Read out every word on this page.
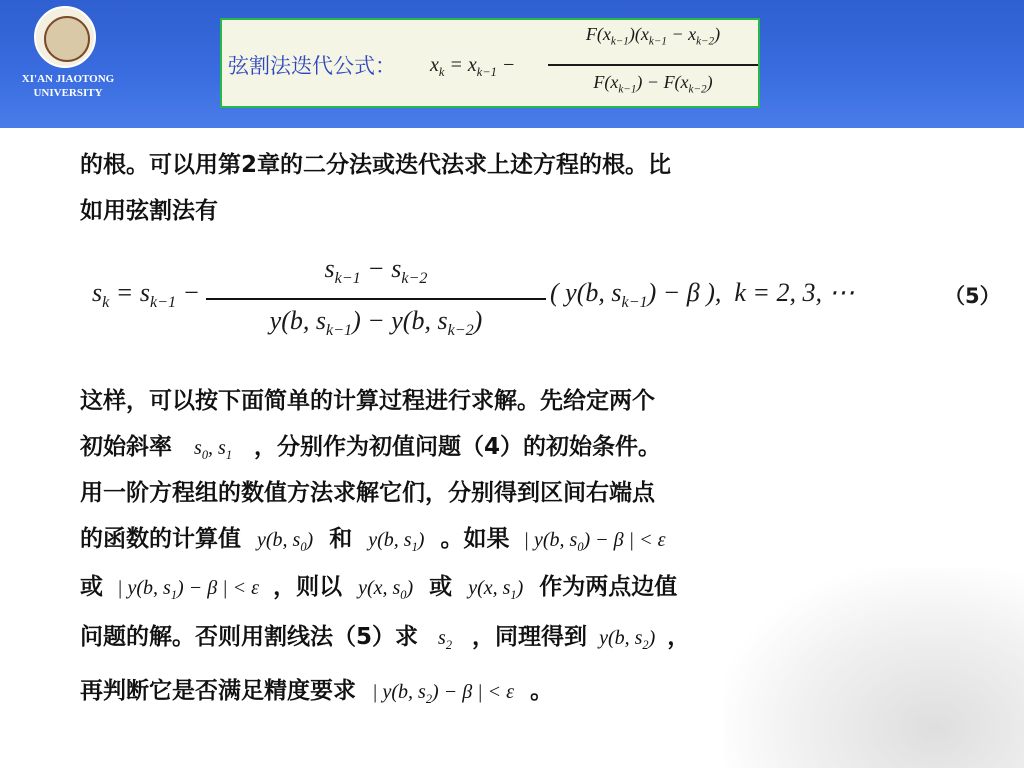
XI'AN JIAOTONG
UNIVERSITY
弦割法迭代公式： $x_k = x_{k-1}$ −
$F(x_{k-1})(x_{k-1} - x_{k-2})$
$F(x_{k-1}) - F(x_{k-2})$
的根。可以用第2章的二分法或迭代法求上述方程的根。比
如用弦割法有
$s_k = s_{k-1}$ −
$s_{k-1} - s_{k-2}$
y(b, $s_{k-1}) - y(b$, $s_{k-2}$)
( y(b, $s_{k-1}) - \beta$ ),  k = 2, 3, ⋯	（5）
这样，可以按下面简单的计算过程进行求解。先给定两个
初始斜率 $s_0$, $s_1$ ，分别作为初值问题（4）的初始条件。
用一阶方程组的数值方法求解它们，分别得到区间右端点
的函数的计算值 y(b, $s_0$) 和 y(b, $s_1$) 。如果 | y(b, $s_0) - \beta$ | < ε
或 | y(b, $s_1) - \beta$ | < ε ，则以 y(x, $s_0$) 或 y(x, $s_1$) 作为两点边值
问题的解。否则用割线法（5）求 $s_2$ ，同理得到 y(b, $s_2$) ，
再判断它是否满足精度要求 | y(b, $s_2) - \beta$ | < ε 。
